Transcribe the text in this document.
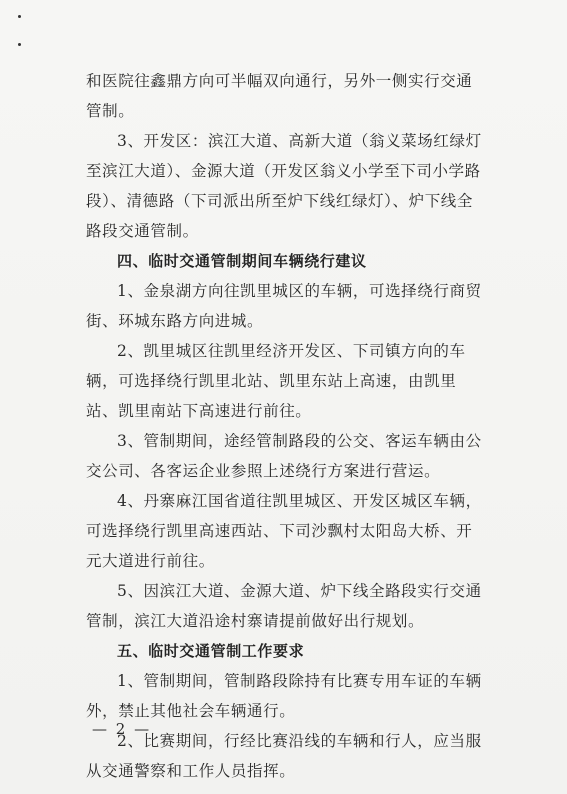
和医院往鑫鼎方向可半幅双向通行，另外一侧实行交通管制。

3、开发区：滨江大道、高新大道（翁义菜场红绿灯至滨江大道）、金源大道（开发区翁义小学至下司小学路段）、清德路（下司派出所至炉下线红绿灯）、炉下线全路段交通管制。

四、临时交通管制期间车辆绕行建议

1、金泉湖方向往凯里城区的车辆，可选择绕行商贸街、环城东路方向进城。

2、凯里城区往凯里经济开发区、下司镇方向的车辆，可选择绕行凯里北站、凯里东站上高速，由凯里站、凯里南站下高速进行前往。

3、管制期间，途经管制路段的公交、客运车辆由公交公司、各客运企业参照上述绕行方案进行营运。

4、丹寨麻江国省道往凯里城区、开发区城区车辆，可选择绕行凯里高速西站、下司沙飘村太阳岛大桥、开元大道进行前往。

5、因滨江大道、金源大道、炉下线全路段实行交通管制，滨江大道沿途村寨请提前做好出行规划。

五、临时交通管制工作要求

1、管制期间，管制路段除持有比赛专用车证的车辆外，禁止其他社会车辆通行。

2、比赛期间，行经比赛沿线的车辆和行人，应当服从交通警察和工作人员指挥。

— 2 —
